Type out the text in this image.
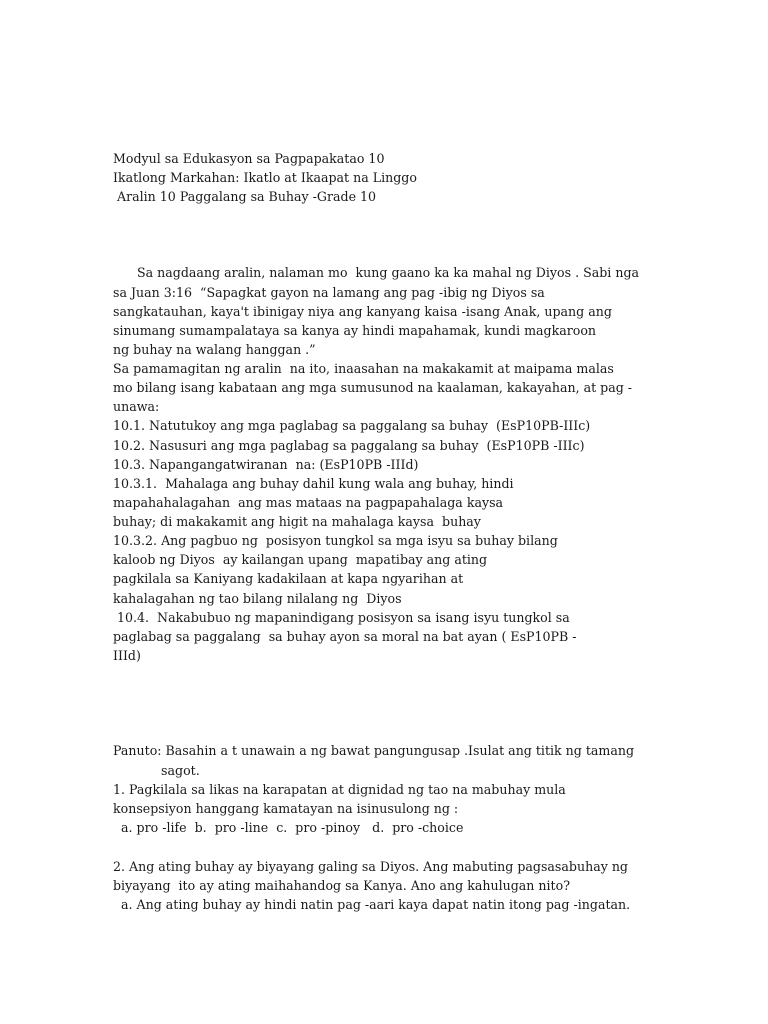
Modyul sa Edukasyon sa Pagpapakatao 10
Ikatlong Markahan: Ikatlo at Ikaapat na Linggo
Aralin 10 Paggalang sa Buhay -Grade 10
Sa nagdaang aralin, nalaman mo  kung gaano ka ka mahal ng Diyos . Sabi nga
sa Juan 3:16  “Sapagkat gayon na lamang ang pag -ibig ng Diyos sa
sangkatauhan, kaya't ibinigay niya ang kanyang kaisa -isang Anak, upang ang
sinumang sumampalataya sa kanya ay hindi mapahamak, kundi magkaroon
ng buhay na walang hanggan .”
Sa pamamagitan ng aralin  na ito, inaasahan na makakamit at maipama malas
mo bilang isang kabataan ang mga sumusunod na kaalaman, kakayahan, at pag -
unawa:
10.1. Natutukoy ang mga paglabag sa paggalang sa buhay  (EsP10PB-IIIc)
10.2. Nasusuri ang mga paglabag sa paggalang sa buhay  (EsP10PB -IIIc)
10.3. Napangangatwiranan  na: (EsP10PB -IIId)
10.3.1.  Mahalaga ang buhay dahil kung wala ang buhay, hindi
mapahahalagahan  ang mas mataas na pagpapahalaga kaysa
buhay; di makakamit ang higit na mahalaga kaysa  buhay
10.3.2. Ang pagbuo ng  posisyon tungkol sa mga isyu sa buhay bilang
kaloob ng Diyos  ay kailangan upang  mapatibay ang ating
pagkilala sa Kaniyang kadakilaan at kapa ngyarihan at
kahalagahan ng tao bilang nilalang ng  Diyos
10.4.  Nakabubuo ng mapanindigang posisyon sa isang isyu tungkol sa
paglabag sa paggalang  sa buhay ayon sa moral na bat ayan ( EsP10PB -
IIId)
Panuto: Basahin a t unawain a ng bawat pangungusap .Isulat ang titik ng tamang
sagot.
1. Pagkilala sa likas na karapatan at dignidad ng tao na mabuhay mula
konsepsiyon hanggang kamatayan na isinusulong ng :
a. pro -life  b.  pro -line  c.  pro -pinoy   d.  pro -choice
2. Ang ating buhay ay biyayang galing sa Diyos. Ang mabuting pagsasabuhay ng
biyayang  ito ay ating maihahandog sa Kanya. Ano ang kahulugan nito?
a. Ang ating buhay ay hindi natin pag -aari kaya dapat natin itong pag -ingatan.
